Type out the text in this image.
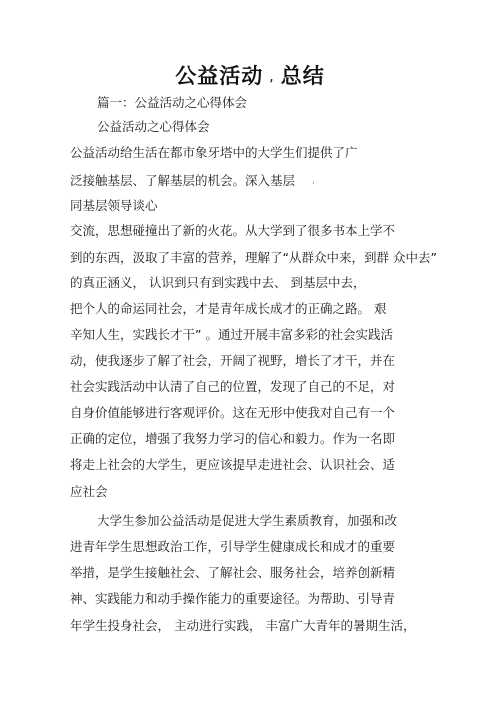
公益活动 , 总结
篇一：公益活动之心得体会
公益活动之心得体会
公益活动给生活在都市象牙塔中的大学生们提供了广
泛接触基层、了解基层的机会。深入基层 ,
同基层领导谈心
交流，思想碰撞出了新的火花。从大学到了很多书本上学不
到的东西，汲取了丰富的营养，理解了“从群众中来，到群 众中去”
的真正涵义， 认识到只有到实践中去、 到基层中去，
把个人的命运同社会，才是青年成长成才的正确之路。 艰
辛知人生，实践长才干” 。通过开展丰富多彩的社会实践活
动，使我逐步了解了社会，开阔了视野，增长了才干，并在
社会实践活动中认清了自己的位置，发现了自己的不足，对
自身价值能够进行客观评价。这在无形中使我对自己有一个
正确的定位，增强了我努力学习的信心和毅力。作为一名即
将走上社会的大学生，更应该提早走进社会、认识社会、适
应社会
大学生参加公益活动是促进大学生素质教育，加强和改
进青年学生思想政治工作，引导学生健康成长和成才的重要
举措，是学生接触社会、了解社会、服务社会，培养创新精
神、实践能力和动手操作能力的重要途径。为帮助、引导青
年学生投身社会， 主动进行实践， 丰富广大青年的暑期生活，
